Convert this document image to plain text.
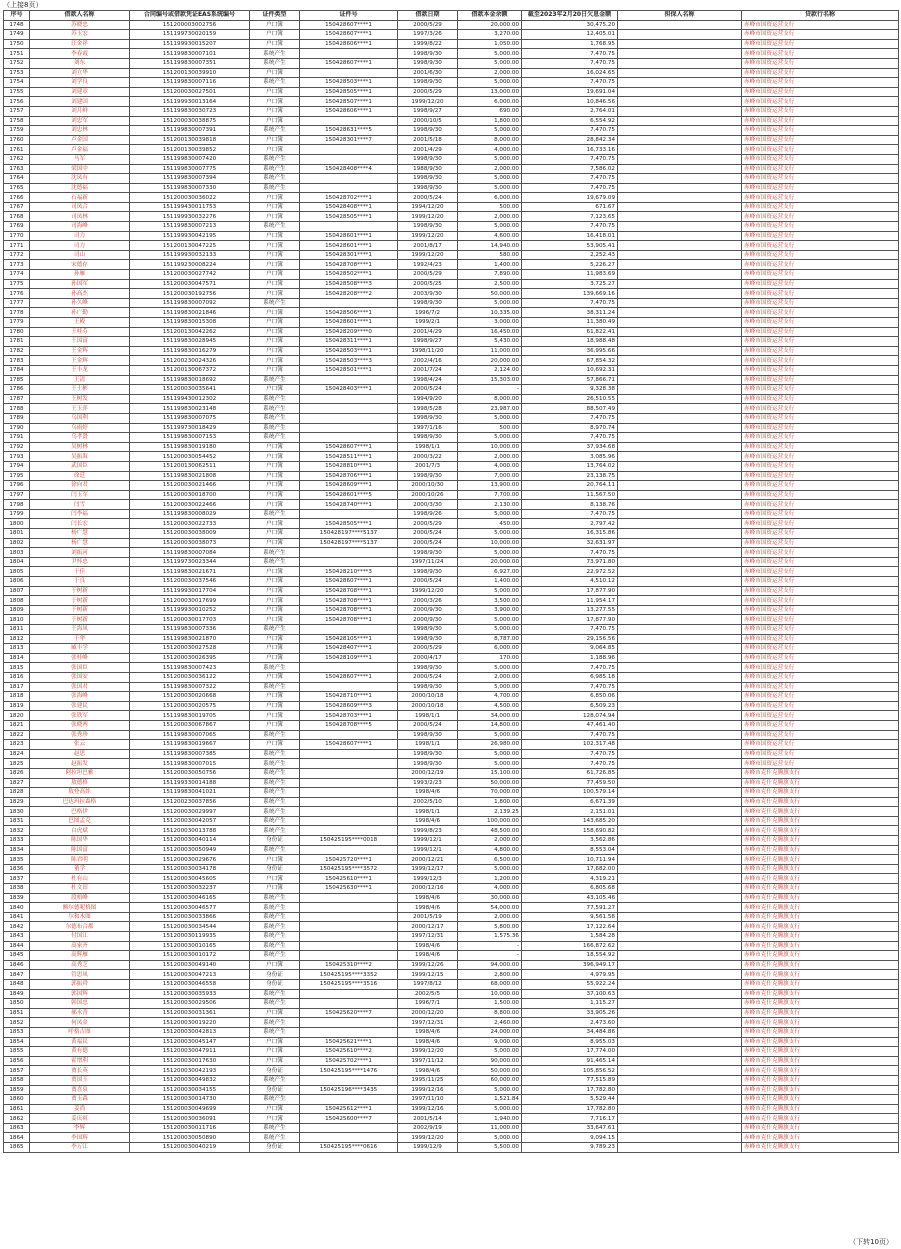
（上接8页）
序号	借款人名称	合同编号或借款凭证EAS系统编号	证件类型	证件号	借款日期	借款本金余额	截至2023年2月20日欠息金额	担保人名称	贷款行名称
1748	苏晓忠	151200003002756	户口簿	150428607****1	2000/5/29	20,000.00	30,475.20		赤峰市国资运营支行
1749	苏玉宏	151199730020159	户口簿	150428607****1	1997/3/26	3,270.00	12,405.01		赤峰市国资运营支行
1750	汪金祥	151199930015207	户口簿	150428606****1	1999/8/22	1,050.00	1,768.95		赤峰市国资运营支行
1751	李春霞	151199830007101	系统产生		1998/9/30	5,000.00	7,470.75		赤峰市国资运营支行
1752	刘东	151199830007351	系统产生	150428607****1	1998/9/30	5,000.00	7,470.75		赤峰市国资运营支行
1753	刘立华	151200130039910	户口簿		2001/6/30	2,000.00	16,024.65		赤峰市国资运营支行
1754	刘学良	151199830007116	系统产生	150428503****1	1998/9/30	5,000.00	7,470.75		赤峰市国资运营支行
1755	刘建章	151200030027501	户口簿	150428505****1	2000/5/29	13,000.00	19,691.04		赤峰市国资运营支行
1756	刘建国	151199930013164	户口簿	150428507****1	1999/12/20	6,000.00	10,846.56		赤峰市国资运营支行
1757	刘月鲜	151199830030723	户口簿	150428606****1	1998/9/27	690.00	2,764.01		赤峰市国资运营支行
1758	刘忠军	151200030038875	户口簿		2000/10/5	1,800.00	6,554.92		赤峰市国资运营支行
1759	刘忠林	151199830007391	系统产生	150428631****5	1998/9/30	5,000.00	7,470.75		赤峰市国资运营支行
1760	卢金国	151200130039818	户口簿	150428301****7	2001/5/18	8,000.00	28,842.34		赤峰市国资运营支行
1761	卢金福	151200130039852	户口簿		2001/4/29	4,000.00	16,733.16		赤峰市国资运营支行
1762	马军	151199830007420	系统产生		1998/9/30	5,000.00	7,470.75		赤峰市国资运营支行
1763	梁国中	151199830007775	系统产生	150428408****4	1988/9/30	2,000.00	7,586.02		赤峰市国资运营支行
1764	沈凤有	151199830007394	系统产生		1998/9/30	5,000.00	7,470.75		赤峰市国资运营支行
1765	沈德福	151199830007330	系统产生		1998/9/30	5,000.00	7,470.75		赤峰市国资运营支行
1766	石福新	151200030036022	户口簿	150428702****1	2000/5/24	6,000.00	19,679.09		赤峰市国资运营支行
1767	司凤合	151199430011753	户口簿	150428408****1	1994/12/20	500.00	671.67		赤峰市国资运营支行
1768	司凤林	151199930032276	户口簿	150428505****1	1999/12/20	2,000.00	7,123.65		赤峰市国资运营支行
1769	司海峰	151199830007213	系统产生		1998/9/30	5,000.00	7,470.75		赤峰市国资运营支行
1770	司力	151199930042195	户口簿	150428601****1	1999/12/20	4,600.00	16,418.01		赤峰市国资运营支行
1771	司力	151200130047225	户口簿	150428601****1	2001/8/17	14,940.00	53,905.41		赤峰市国资运营支行
1772	司山	151199930032133	户口簿	150428301****1	1999/12/20	580.00	2,252.43		赤峰市国资运营支行
1773	宋德存	151199230008224	户口簿	150428708****1	1992/4/23	1,400.00	5,226.27		赤峰市国资运营支行
1774	孙雁	151200030027742	户口簿	150428502****1	2000/5/29	7,890.00	11,983.69		赤峰市国资运营支行
1775	孙国军	151200030047571	户口簿	150428508****3	2000/5/25	2,500.00	3,725.27		赤峰市国资运营支行
1776	孙高杰	151200030192756	户口簿	150428208****2	2003/9/30	50,000.00	139,669.16		赤峰市国资运营支行
1777	孙久峰	151199830007092	系统产生		1998/9/30	5,000.00	7,470.75		赤峰市国资运营支行
1778	孙广勤	151199830021846	户口簿	150428506****1	1996/7/2	10,335.00	38,311.24		赤峰市国资运营支行
1779	王殿	151199830015308	户口簿	150428601****1	1999/2/1	3,000.00	11,380.49		赤峰市国资运营支行
1780	王桂芬	151200130042262	户口簿	150428209****0	2001/4/29	16,450.00	61,822.41		赤峰市国资运营支行
1781	王国富	151199830028945	户口簿	150428311****1	1998/9/27	5,430.00	18,988.48		赤峰市国资运营支行
1782	王金辉	151199830016279	户口簿	150428503****1	1998/11/20	11,000.00	36,995.66		赤峰市国资运营支行
1783	王金辉	151200230024326	户口簿	150428503****3	2002/4/16	20,000.00	67,854.32		赤峰市国资运营支行
1784	王丰龙	151200130067372	户口簿	150428501****1	2001/7/24	2,124.00	10,692.31		赤峰市国资运营支行
1785	王清	151199830018692	系统产生		1998/4/24	15,303.00	57,866.71		赤峰市国资运营支行
1786	王士彬	151200030035641	户口簿	150428403****1	2000/5/24	-	9,328.38		赤峰市国资运营支行
1787	王树发	151199430012302	系统产生		1994/9/20	8,000.00	26,510.55		赤峰市国资运营支行
1788	王玉萍	151199830023148	系统产生		1998/5/28	23,987.00	88,507.49		赤峰市国资运营支行
1789	乌国利	151199830007075	系统产生		1998/9/30	5,000.00	7,470.75		赤峰市国资运营支行
1790	乌雨婷	151199730018429	系统产生		1997/1/16	500.00	8,970.74		赤峰市国资运营支行
1791	乌孝贤	151199830007153	系统产生		1998/9/30	5,000.00	7,470.75		赤峰市国资运营支行
1792	吴树林	151199830019180	户口簿	150428607****1	1998/1/1	10,000.00	37,934.68		赤峰市国资运营支行
1793	吴振海	151200030054452	户口簿	150428511****1	2000/3/22	2,000.00	3,085.96		赤峰市国资运营支行
1794	武国臣	151200130062511	户口簿	150428810****1	2001/7/3	4,000.00	13,764.02		赤峰市国资运营支行
1795	徐廷	151199830021808	户口簿	150428706****1	1998/9/30	7,000.00	23,138.75		赤峰市国资运营支行
1796	徐向君	151200030021466	户口簿	150428609****1	2000/10/30	13,900.00	20,764.11		赤峰市国资运营支行
1797	闫玉军	151200030018700	户口簿	150428601****5	2000/10/26	7,700.00	11,567.50		赤峰市国资运营支行
1798	闫雪	151200030022466	户口簿	150428740****1	2000/3/30	2,130.00	8,138.76		赤峰市国资运营支行
1799	闫李福	151199830008029	系统产生		1998/9/26	5,000.00	7,470.75		赤峰市国资运营支行
1800	闫长宏	151200030022733	户口簿	150428505****1	2000/5/29	450.00	2,797.42		赤峰市国资运营支行
1801	杨广慧	151200030038009	户口簿	150428197****5137	2000/5/24	5,000.00	16,315.86		赤峰市国资运营支行
1802	杨广慧	151200030038073	户口簿	150428197****5137	2000/5/24	10,000.00	32,631.97		赤峰市国资运营支行
1803	刘振河	151199830007084	系统产生		1998/9/30	5,000.00	7,470.75		赤峰市国资运营支行
1804	尹怀忠	151199730023344	系统产生		1997/11/24	20,000.00	73,971.80		赤峰市国资运营支行
1805	于佳	151199830021671	户口簿	150428210****3	1998/9/30	6,927.00	22,972.52		赤峰市国资运营支行
1806	于良	151200030037546	户口簿	150428607****1	2000/5/24	1,400.00	4,510.12		赤峰市国资运营支行
1807	于树新	151199930017704	户口簿	150428708****1	1999/12/20	5,000.00	17,877.90		赤峰市国资运营支行
1808	于树新	151200030017699	户口簿	150428708****1	2000/3/26	3,500.00	11,954.17		赤峰市国资运营支行
1809	于树新	151199930010252	户口簿	150428708****1	2000/9/30	3,900.00	13,277.55		赤峰市国资运营支行
1810	于树新	151200030017703	户口簿	150428708****1	2000/9/30	5,000.00	17,877.90		赤峰市国资运营支行
1811	于海凤	151199830007336	系统产生		1998/9/30	5,000.00	7,470.75		赤峰市国资运营支行
1812	于华	151199830021870	户口簿	150428105****1	1998/9/30	8,787.00	29,156.56		赤峰市国资运营支行
1813	臧丰学	151200030027528	户口簿	150428407****1	2000/5/29	6,000.00	9,064.85		赤峰市国资运营支行
1814	张桂峰	151200030026395	户口簿	150428109****1	2000/4/17	170.00	1,188.96		赤峰市国资运营支行
1815	张国臣	151199830007423	系统产生		1998/9/30	5,000.00	7,470.75		赤峰市国资运营支行
1816	张国安	151200030036122	户口簿	150428607****1	2000/5/24	2,000.00	6,985.18		赤峰市国资运营支行
1817	张国君	151199830007322	系统产生		1998/9/30	5,000.00	7,470.75		赤峰市国资运营支行
1818	张海峰	151200030020668	户口簿	150428710****1	2000/10/18	4,700.00	6,850.06		赤峰市国资运营支行
1819	张建民	151200030020575	户口簿	150428609****3	2000/10/18	4,500.00	6,509.23		赤峰市国资运营支行
1820	张铁军	151199830019705	户口簿	150428703****1	1998/1/1	34,000.00	128,074.94		赤峰市国资运营支行
1821	张晓两	151200030067867	户口簿	150428708****5	2000/5/24	14,800.00	47,461.40		赤峰市国资运营支行
1822	张秀珍	151199830007065	系统产生		1998/9/30	5,000.00	7,470.75		赤峰市国资运营支行
1823	张云	151199830019667	户口簿	150428607****1	1998/1/1	26,980.00	102,317.48		赤峰市国资运营支行
1824	赵思	151199830007385	系统产生		1998/9/30	5,000.00	7,470.75		赤峰市国资运营支行
1825	赵振发	151199830007015	系统产生		1998/9/30	5,000.00	7,470.75		赤峰市国资运营支行
1826	阿拉坦巴雅	151200030050756	系统产生		2000/12/19	15,100.00	61,726.85		赤峰市克什克腾旗支行
1827	敖德格	151199330014188	系统产生		1993/2/23	50,000.00	77,459.50		赤峰市克什克腾旗支行
1828	敖登高娃	151199830041021	系统产生		1998/4/6	70,000.00	100,579.14		赤峰市克什克腾旗支行
1829	巴达玛拉森格	151200230037856	系统产生		2002/5/10	1,800.00	6,671.39		赤峰市克什克腾旗支行
1830	巴格伊	151200030029997	系统产生		1998/1/1	2,139.25	2,151.01		赤峰市克什克腾旗支行
1831	巴图孟克	151200030042057	系统产生		1998/4/6	100,000.00	143,685.20		赤峰市克什克腾旗支行
1832	白虎斌	151200030013788	系统产生		1999/8/23	48,500.00	158,690.82		赤峰市克什克腾旗支行
1833	陈国华	151200030040114	身份证	150425195****0018	1999/12/1	2,000.00	3,562.86		赤峰市克什克腾旗支行
1834	陈国富	151200030050949	系统产生		1999/12/1	4,800.00	8,553.04		赤峰市克什克腾旗支行
1835	陈君明	151200030029676	户口簿	150425720****1	2000/12/21	6,500.00	10,711.94		赤峰市克什克腾旗支行
1836	董学	151200030034178	身份证	150425195****3572	1999/12/17	5,000.00	17,682.00		赤峰市克什克腾旗支行
1837	杜有山	151200030045605	户口簿	150425610****1	1999/12/3	1,200.00	4,319.21		赤峰市克什克腾旗支行
1838	杜文田	151200030032237	户口簿	150425630****1	2000/12/16	4,000.00	6,805.68		赤峰市克什克腾旗支行
1839	段梧峰	151200030046165	系统产生		1998/4/6	30,000.00	43,105.46		赤峰市克什克腾旗支行
1840	额尔德呢格图	151200030046577	系统产生		1998/4/6	54,000.00	77,591.27		赤峰市克什克腾旗支行
1841	尔和木图	151200030033866	系统产生		2001/5/19	2,000.00	9,561.58		赤峰市克什克腾旗支行
1842	尔德布合都	151200030034544	系统产生		2000/12/17	5,800.00	17,122.64		赤峰市克什克腾旗支行
1843	付国江	151200030119935	系统产生		1997/12/31	1,575.36	1,584.28		赤峰市克什克腾旗支行
1844	高家齐	151200030010165	系统产生		1998/4/6	-	166,872.62		赤峰市克什克腾旗支行
1845	高辉雁	151200030010172	系统产生		1998/4/6	-	18,554.92		赤峰市克什克腾旗支行
1846	高秀芝	151200030049140	户口簿	150425310****2	1999/12/26	94,000.00	396,949.17		赤峰市克什克腾旗支行
1847	管思凤	151200030047213	身份证	150425195****3352	1999/12/15	2,800.00	4,979.95		赤峰市克什克腾旗支行
1848	郭振舜	151200030046558	身份证	150425195****3516	1997/8/12	68,000.00	55,922.24		赤峰市克什克腾旗支行
1849	郭国辉	151200030035933	系统产生		2002/5/5	10,000.00	37,100.63		赤峰市克什克腾旗支行
1850	韩国忠	151200030029506	系统产生		1996/7/1	1,500.00	1,115.27		赤峰市克什克腾旗支行
1851	郝永青	151200030031361	户口簿	150425620****7	2000/12/20	8,800.00	33,905.26		赤峰市克什克腾旗支行
1852	何凤金	151200030019220	系统产生		1997/12/31	2,460.00	2,473.60		赤峰市克什克腾旗支行
1853	呼格吉图	151200030042813	系统产生		1998/4/6	24,000.00	34,484.86		赤峰市克什克腾旗支行
1854	黄福民	151200030045147	户口簿	150425621****1	1998/4/6	9,000.00	8,955.03		赤峰市克什克腾旗支行
1855	黄有德	151200030047911	户口簿	150425610****2	1999/12/20	5,000.00	17,774.00		赤峰市克什克腾旗支行
1856	霍增利	151200030017630	户口簿	150425702****1	1997/11/12	90,000.00	91,465.14		赤峰市克什克腾旗支行
1857	贾长英	151200030042193	身份证	150425195****1476	1998/4/6	50,000.00	105,856.52		赤峰市克什克腾旗支行
1858	贾国玉	151200030049832	系统产生		1995/11/25	60,000.00	77,515.89		赤峰市克什克腾旗支行
1859	贾喜泉	151200030034155	身份证	150425196****3435	1999/12/16	5,000.00	17,782.80		赤峰市克什克腾旗支行
1860	贾玉森	151200030014730	系统产生		1997/11/10	1,521.84	5,529.44		赤峰市克什克腾旗支行
1861	姜尚	151200030049699	户口簿	150425612****1	1999/12/16	5,000.00	17,782.80		赤峰市克什克腾旗支行
1862	姜庆祖	151200030036091	户口簿	150425600****7	2001/5/14	1,940.00	7,716.17		赤峰市克什克腾旗支行
1863	李辉	151200030011716	系统产生		2002/9/19	11,000.00	33,647.61		赤峰市克什克腾旗支行
1864	李国辉	151200030050890	系统产生		1999/12/20	5,000.00	9,094.15		赤峰市克什克腾旗支行
1865	李万江	151200030040219	身份证	150425195****0616	1999/12/9	5,500.00	9,789.23		赤峰市克什克腾旗支行
（下转10页）
